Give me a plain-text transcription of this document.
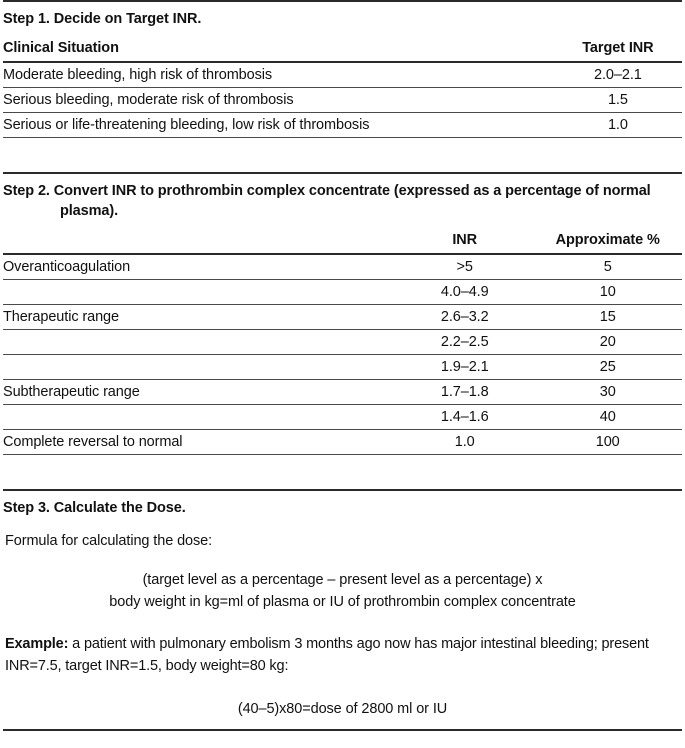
Step 1. Decide on Target INR.
Clinical Situation	Target INR
Moderate bleeding, high risk of thrombosis	2.0–2.1
Serious bleeding, moderate risk of thrombosis	1.5
Serious or life-threatening bleeding, low risk of thrombosis	1.0
Step 2. Convert INR to prothrombin complex concentrate (expressed as a percentage of normal plasma).
	INR	Approximate %
Overanticoagulation	>5	5
	4.0–4.9	10
Therapeutic range	2.6–3.2	15
	2.2–2.5	20
	1.9–2.1	25
Subtherapeutic range	1.7–1.8	30
	1.4–1.6	40
Complete reversal to normal	1.0	100
Step 3. Calculate the Dose.

Formula for calculating the dose:

(target level as a percentage – present level as a percentage) x
body weight in kg=ml of plasma or IU of prothrombin complex concentrate

Example: a patient with pulmonary embolism 3 months ago now has major intestinal bleeding; present INR=7.5, target INR=1.5, body weight=80 kg:

(40–5)x80=dose of 2800 ml or IU
